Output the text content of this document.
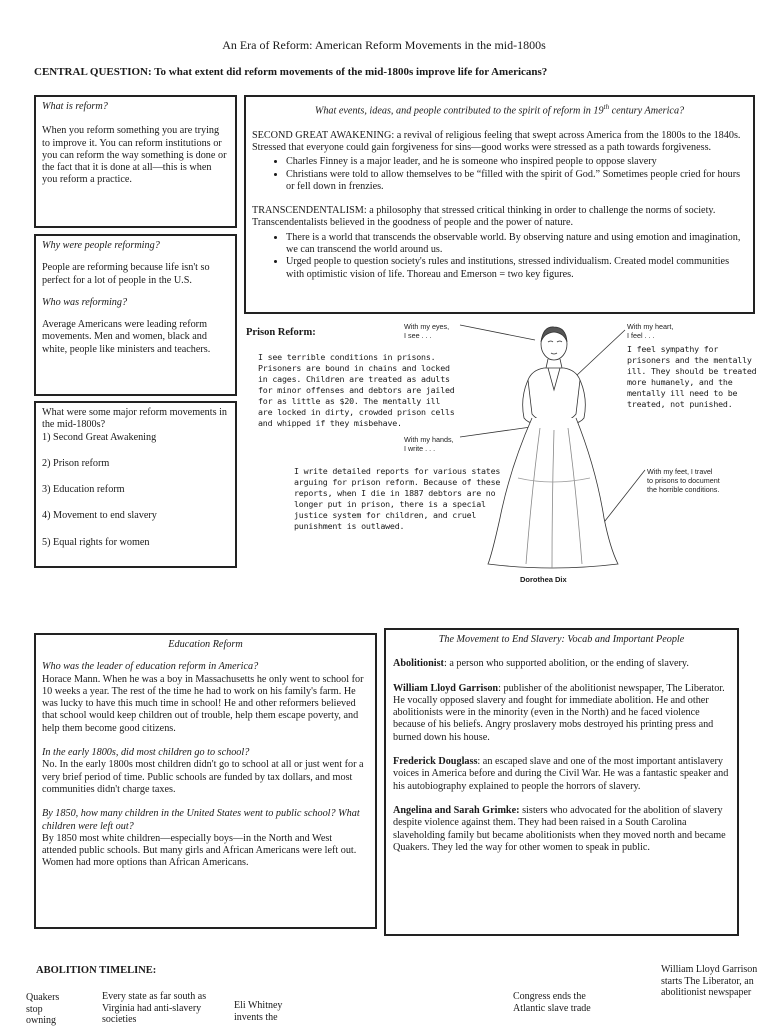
An Era of Reform: American Reform Movements in the mid-1800s
CENTRAL QUESTION: To what extent did reform movements of the mid-1800s improve life for Americans?

What is reform?

When you reform something you are trying to improve it. You can reform institutions or you can reform the way something is done or the fact that it is done at all—this is when you reform a practice.

Why were people reforming?

People are reforming because life isn't so perfect for a lot of people in the U.S.

Who was reforming?

Average Americans were leading reform movements. Men and women, black and white, people like ministers and teachers.

What were some major reform movements in the mid-1800s?

1) Second Great Awakening

2) Prison reform

3) Education reform

4) Movement to end slavery

5) Equal rights for women

What events, ideas, and people contributed to the spirit of reform in 19th century America?

SECOND GREAT AWAKENING: a revival of religious feeling that swept across America from the 1800s to the 1840s. Stressed that everyone could gain forgiveness for sins—good works were stressed as a path towards forgiveness.

• Charles Finney is a major leader, and he is someone who inspired people to oppose slavery
• Christians were told to allow themselves to be “filled with the spirit of God.” Sometimes people cried for hours or fell down in frenzies.

TRANSCENDENTALISM: a philosophy that stressed critical thinking in order to challenge the norms of society. Transcendentalists believed in the goodness of people and the power of nature.

• There is a world that transcends the observable world. By observing nature and using emotion and imagination, we can transcend the world around us.
• Urged people to question society's rules and institutions, stressed individualism. Created model communities with optimistic vision of life. Thoreau and Emerson = two key figures.
Prison Reform:
I see terrible conditions in prisons. Prisoners are bound in chains and locked in cages. Children are treated as adults for minor offenses and debtors are jailed for as little as $20. The mentally ill are locked in dirty, crowded prison cells and whipped if they misbehave.
I feel sympathy for prisoners and the mentally ill. They should be treated more humanely, and the mentally ill need to be treated, not punished.
I write detailed reports for various states arguing for prison reform. Because of these reports, when I die in 1887 debtors are no longer put in prison, there is a special justice system for children, and cruel punishment is outlawed.
With my eyes,
I see . . .
With my heart,
I feel . . .
With my hands,
I write . . .
With my feet, I travel
to prisons to document
the horrible conditions.
Dorothea Dix

Education Reform

Who was the leader of education reform in America?

Horace Mann. When he was a boy in Massachusetts he only went to school for 10 weeks a year. The rest of the time he had to work on his family's farm. He was lucky to have this much time in school! He and other reformers believed that school would keep children out of trouble, help them escape poverty, and help them become good citizens.

In the early 1800s, did most children go to school?

No. In the early 1800s most children didn't go to school at all or just went for a very brief period of time. Public schools are funded by tax dollars, and most communities didn't charge taxes.

By 1850, how many children in the United States went to public school? What children were left out?

By 1850 most white children—especially boys—in the North and West attended public schools. But many girls and African Americans were left out. Women had more options than African Americans.

The Movement to End Slavery: Vocab and Important People

Abolitionist: a person who supported abolition, or the ending of slavery.

William Lloyd Garrison: publisher of the abolitionist newspaper, The Liberator. He vocally opposed slavery and fought for immediate abolition. He and other abolitionists were in the minority (even in the North) and he faced violence because of his beliefs. Angry proslavery mobs destroyed his printing press and burned down his house.

Frederick Douglass: an escaped slave and one of the most important antislavery voices in America before and during the Civil War. He was a fantastic speaker and his autobiography explained to people the horrors of slavery.

Angelina and Sarah Grimke: sisters who advocated for the abolition of slavery despite violence against them. They had been raised in a South Carolina slaveholding family but became abolitionists when they moved north and became Quakers. They led the way for other women to speak in public.

ABOLITION TIMELINE:
Quakers stop owning
Every state as far south as Virginia had anti-slavery societies
Eli Whitney invents the
Congress ends the Atlantic slave trade
William Lloyd Garrison starts The Liberator, an abolitionist newspaper
